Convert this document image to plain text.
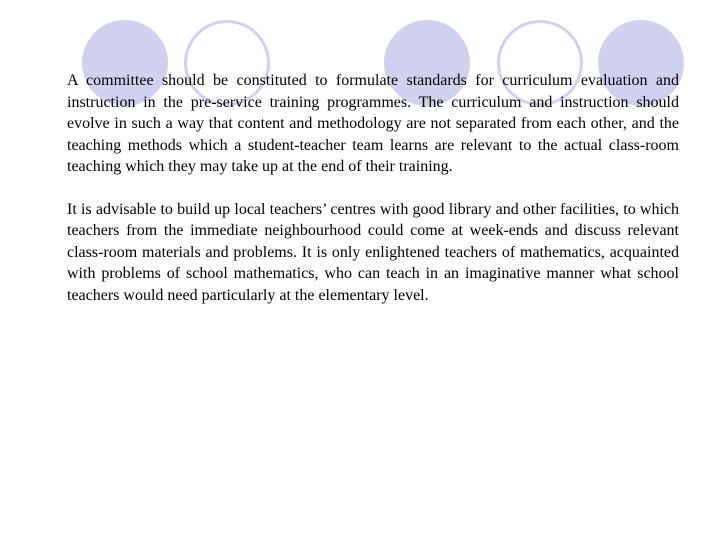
A committee should be constituted to formulate standards for curriculum evaluation and instruction in the pre-service training programmes. The curriculum and instruction should evolve in such a way that content and methodology are not separated from each other, and the teaching methods which a student-teacher team learns are relevant to the actual class-room teaching which they may take up at the end of their training.

It is advisable to build up local teachers’ centres with good library and other facilities, to which teachers from the immediate neighbourhood could come at week-ends and discuss relevant class-room materials and problems. It is only enlightened teachers of mathematics, acquainted with problems of school mathematics, who can teach in an imaginative manner what school teachers would need particularly at the elementary level.
